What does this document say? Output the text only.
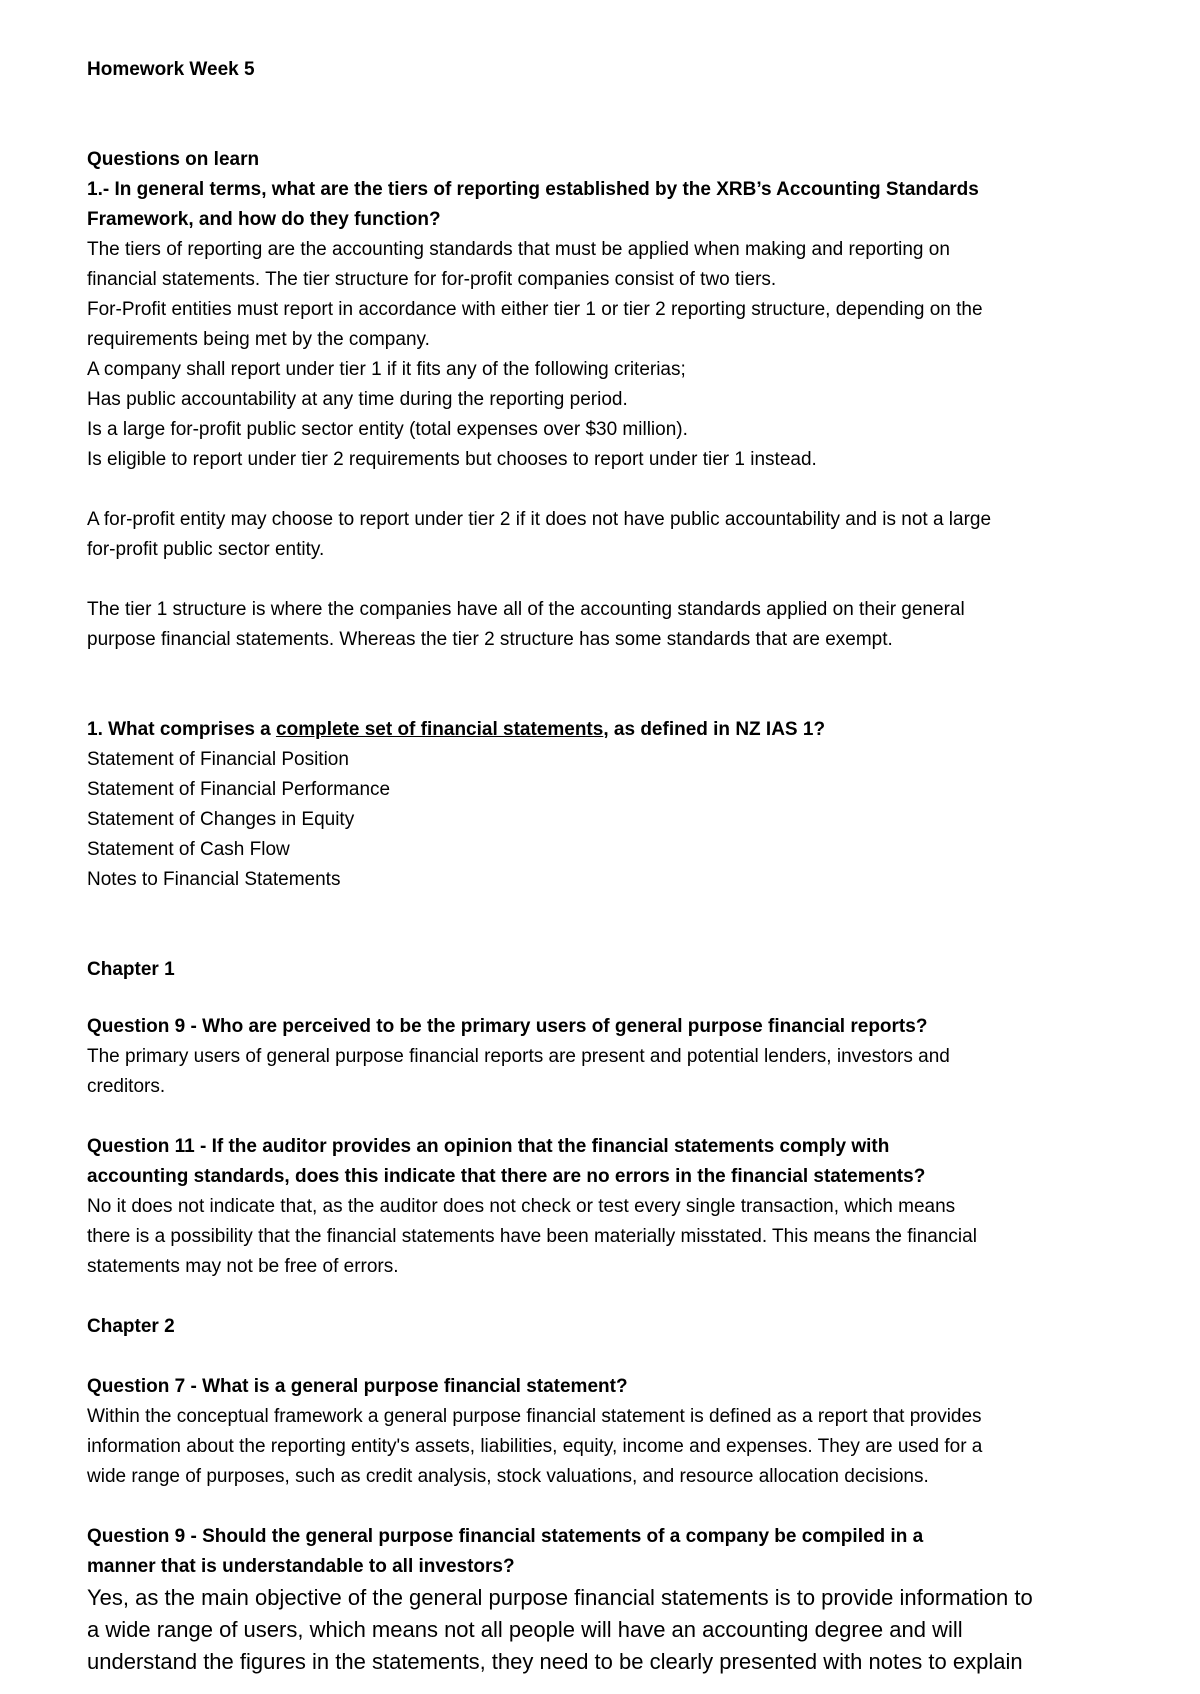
Homework Week 5
Questions on learn
1.- In general terms, what are the tiers of reporting established by the XRB’s Accounting Standards
Framework, and how do they function?
The tiers of reporting are the accounting standards that must be applied when making and reporting on
financial statements. The tier structure for for-profit companies consist of two tiers.
For-Profit entities must report in accordance with either tier 1 or tier 2 reporting structure, depending on the
requirements being met by the company.
A company shall report under tier 1 if it fits any of the following criterias;
Has public accountability at any time during the reporting period.
Is a large for-profit public sector entity (total expenses over $30 million).
Is eligible to report under tier 2 requirements but chooses to report under tier 1 instead.
A for-profit entity may choose to report under tier 2 if it does not have public accountability and is not a large
for-profit public sector entity.
The tier 1 structure is where the companies have all of the accounting standards applied on their general
purpose financial statements. Whereas the tier 2 structure has some standards that are exempt.
1. What comprises a complete set of financial statements, as defined in NZ IAS 1?
Statement of Financial Position
Statement of Financial Performance
Statement of Changes in Equity
Statement of Cash Flow
Notes to Financial Statements
Chapter 1
Question 9 - Who are perceived to be the primary users of general purpose financial reports?
The primary users of general purpose financial reports are present and potential lenders, investors and
creditors.
Question 11 - If the auditor provides an opinion that the financial statements comply with
accounting standards, does this indicate that there are no errors in the financial statements?
No it does not indicate that, as the auditor does not check or test every single transaction, which means
there is a possibility that the financial statements have been materially misstated. This means the financial
statements may not be free of errors.
Chapter 2
Question 7 - What is a general purpose financial statement?
Within the conceptual framework a general purpose financial statement is defined as a report that provides
information about the reporting entity's assets, liabilities, equity, income and expenses. They are used for a
wide range of purposes, such as credit analysis, stock valuations, and resource allocation decisions.
Question 9 - Should the general purpose financial statements of a company be compiled in a
manner that is understandable to all investors?
Yes, as the main objective of the general purpose financial statements is to provide information to
a wide range of users, which means not all people will have an accounting degree and will
understand the figures in the statements, they need to be clearly presented with notes to explain
